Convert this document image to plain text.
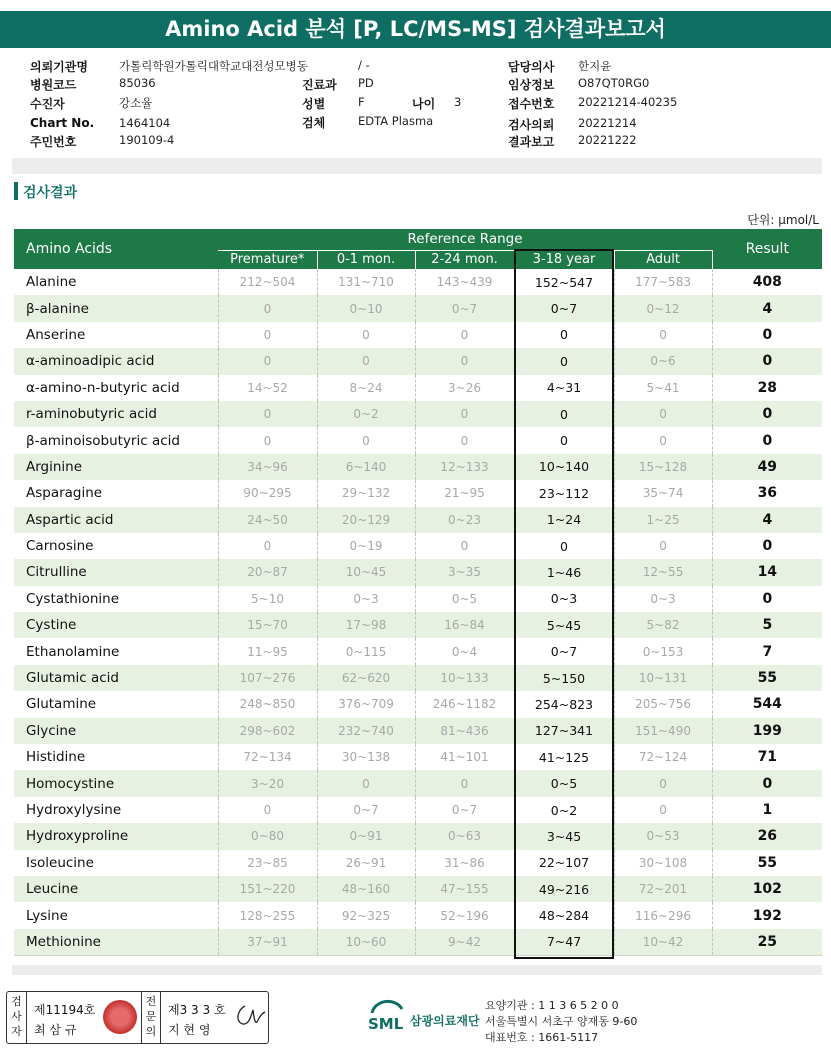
Amino Acid 분석 [P, LC/MS-MS] 검사결과보고서
의뢰기관명	가톨릭학원가톨릭대학교대전성모병동	/ -
병원코드	85036
수진자	강소율
Chart No. 1464104
주민번호	190109-4
진료과 PD
성별	F	나이 3
검체	EDTA Plasma
담당의사 한지윤
임상정보 O87QT0RG0
접수번호 20221214-40235
검사의뢰 20221214
결과보고 20221222
검사결과
단위: μmol/L
Amino Acids	Reference Range					Result
	Premature*	0-1 mon.	2-24 mon.	3-18 year	Adult	
Alanine	212~504	131~710	143~439	152~547	177~583	408
β-alanine	0	0~10	0~7	0~7	0~12	4
Anserine	0	0	0	0	0	0
α-aminoadipic acid	0	0	0	0	0~6	0
α-amino-n-butyric acid	14~52	8~24	3~26	4~31	5~41	28
r-aminobutyric acid	0	0~2	0	0	0	0
β-aminoisobutyric acid	0	0	0	0	0	0
Arginine	34~96	6~140	12~133	10~140	15~128	49
Asparagine	90~295	29~132	21~95	23~112	35~74	36
Aspartic acid	24~50	20~129	0~23	1~24	1~25	4
Carnosine	0	0~19	0	0	0	0
Citrulline	20~87	10~45	3~35	1~46	12~55	14
Cystathionine	5~10	0~3	0~5	0~3	0~3	0
Cystine	15~70	17~98	16~84	5~45	5~82	5
Ethanolamine	11~95	0~115	0~4	0~7	0~153	7
Glutamic acid	107~276	62~620	10~133	5~150	10~131	55
Glutamine	248~850	376~709	246~1182	254~823	205~756	544
Glycine	298~602	232~740	81~436	127~341	151~490	199
Histidine	72~134	30~138	41~101	41~125	72~124	71
Homocystine	3~20	0	0	0~5	0	0
Hydroxylysine	0	0~7	0~7	0~2	0	1
Hydroxyproline	0~80	0~91	0~63	3~45	0~53	26
Isoleucine	23~85	26~91	31~86	22~107	30~108	55
Leucine	151~220	48~160	47~155	49~216	72~201	102
Lysine	128~255	92~325	52~196	48~284	116~296	192
Methionine	37~91	10~60	9~42	7~47	10~42	25
검사자
제11194호
최 삼 규
전문의
제3 3 3 호
지 현 영	SML 삼광의료재단
요양기관 : 1 1 3 6 5 2 0 0
서울특별시 서초구 양재동 9-60
대표번호 : 1661-5117
